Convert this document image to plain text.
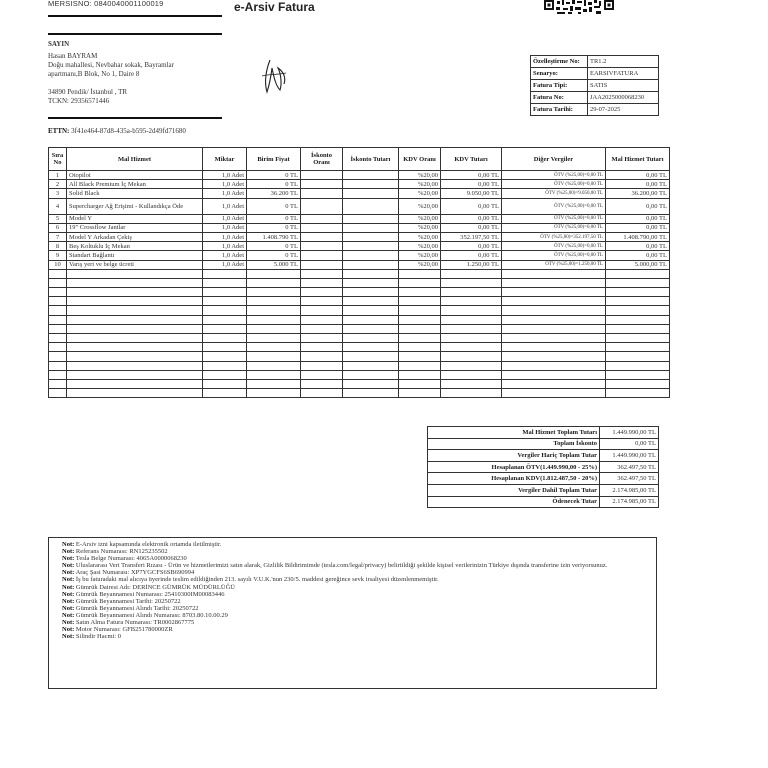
MERSISNO: 0840040001100019	e-Arsiv Fatura
SAYIN
Hasan BAYRAM
Doğu mahallesi, Nevbahar sokak, Bayramlar
apartmanı,B Blok, No 1, Daire 8
34890 Pendik/ İstanbul , TR
TCKN: 29356571446
ETTN: 3f41e464-87d8-435a-b595-2d49fd71680
Özelleştirme No:	TR1.2
Senaryo:	EARSIVFATURA
Fatura Tipi:	SATIS
Fatura No:	JAA2025000068230
Fatura Tarihi:	29-07-2025
Sıra No	Mal Hizmet	Miktar	Birim Fiyat	İskonto Oranı	İskonto Tutarı	KDV Oranı	KDV Tutarı	Diğer Vergiler	Mal Hizmet Tutarı
1	Otopilot	1,0 Adet	0 TL			%20,00	0,00 TL	ÖTV (%25,00)=0,00 TL	0,00 TL
2	All Black Premium İç Mekan	1,0 Adet	0 TL			%20,00	0,00 TL	ÖTV (%25,00)=0,00 TL	0,00 TL
3	Solid Black	1,0 Adet	36.200 TL			%20,00	9.050,00 TL	ÖTV (%25,00)=9.050,00 TL	36.200,00 TL
4	Supercharger Ağ Erişimi - Kullandıkça Öde	1,0 Adet	0 TL			%20,00	0,00 TL	ÖTV (%25,00)=0,00 TL	0,00 TL
5	Model Y	1,0 Adet	0 TL			%20,00	0,00 TL	ÖTV (%25,00)=0,00 TL	0,00 TL
6	19" Crossflow Jantlar	1,0 Adet	0 TL			%20,00	0,00 TL	ÖTV (%25,00)=0,00 TL	0,00 TL
7	Model Y Arkadan Çekiş	1,0 Adet	1.408.790 TL			%20,00	352.197,50 TL	ÖTV (%25,00)=352.197,50 TL	1.408.790,00 TL
8	Beş Koltuklu İç Mekan	1,0 Adet	0 TL			%20,00	0,00 TL	ÖTV (%25,00)=0,00 TL	0,00 TL
9	Standart Bağlantı	1,0 Adet	0 TL			%20,00	0,00 TL	ÖTV (%25,00)=0,00 TL	0,00 TL
10	Varış yeri ve belge ücreti	1,0 Adet	5.000 TL			%20,00	1.250,00 TL	ÖTV (%25,00)=1.250,00 TL	5.000,00 TL

Mal Hizmet Toplam Tutarı	1.449.990,00 TL
Toplam İskonto	0,00 TL
Vergiler Hariç Toplam Tutar	1.449.990,00 TL
Hesaplanan ÖTV(1.449.990,00 - 25%)	362.497,50 TL
Hesaplanan KDV(1.812.487,50 - 20%)	362.497,50 TL
Vergiler Dahil Toplam Tutar	2.174.985,00 TL
Ödenecek Tutar	2.174.985,00 TL
Not: E-Arsiv izni kapsamında elektronik ortamda iletilmiştir.
Not: Referans Numarası: RN125235502
Not: Tesla Belge Numarası: 4065A0000068230
Not: Uluslararası Veri Transferi Rızası - Ürün ve hizmetlerimizi satın alarak, Gizlilik Bildirimimde (tesla.com/legal/privacy) belirtildiği şekilde kişisel verilerinizin Türkiye dışında transferine izin veriyorsunuz.
Not: Araç Şasi Numarası: XP7YGCFS6SB690994
Not: İş bu faturadaki mal alıcıya üyerinde teslim edildiğinden 213. sayılı V.U.K.'nun 230/5. maddesi gereğince sevk irsaliyesi düzenlenmemiştir.
Not: Gümrük Dairesi Adı: DERİNCE GÜMRÜK MÜDÜRLÜĞÜ
Not: Gümrük Beyannamesi Numarası: 25410300IM00083446
Not: Gümrük Beyannamesi Tarihi: 20250722
Not: Gümrük Beyannamesi Alındı Tarihi: 20250722
Not: Gümrük Beyannamesi Alındı Numarası: 8703.80.10.00.29
Not: Satın Alma Fatura Numarası: TR0002867775
Not: Motor Numarası: GFB251780000ZR
Not: Silindir Hacmi: 0
